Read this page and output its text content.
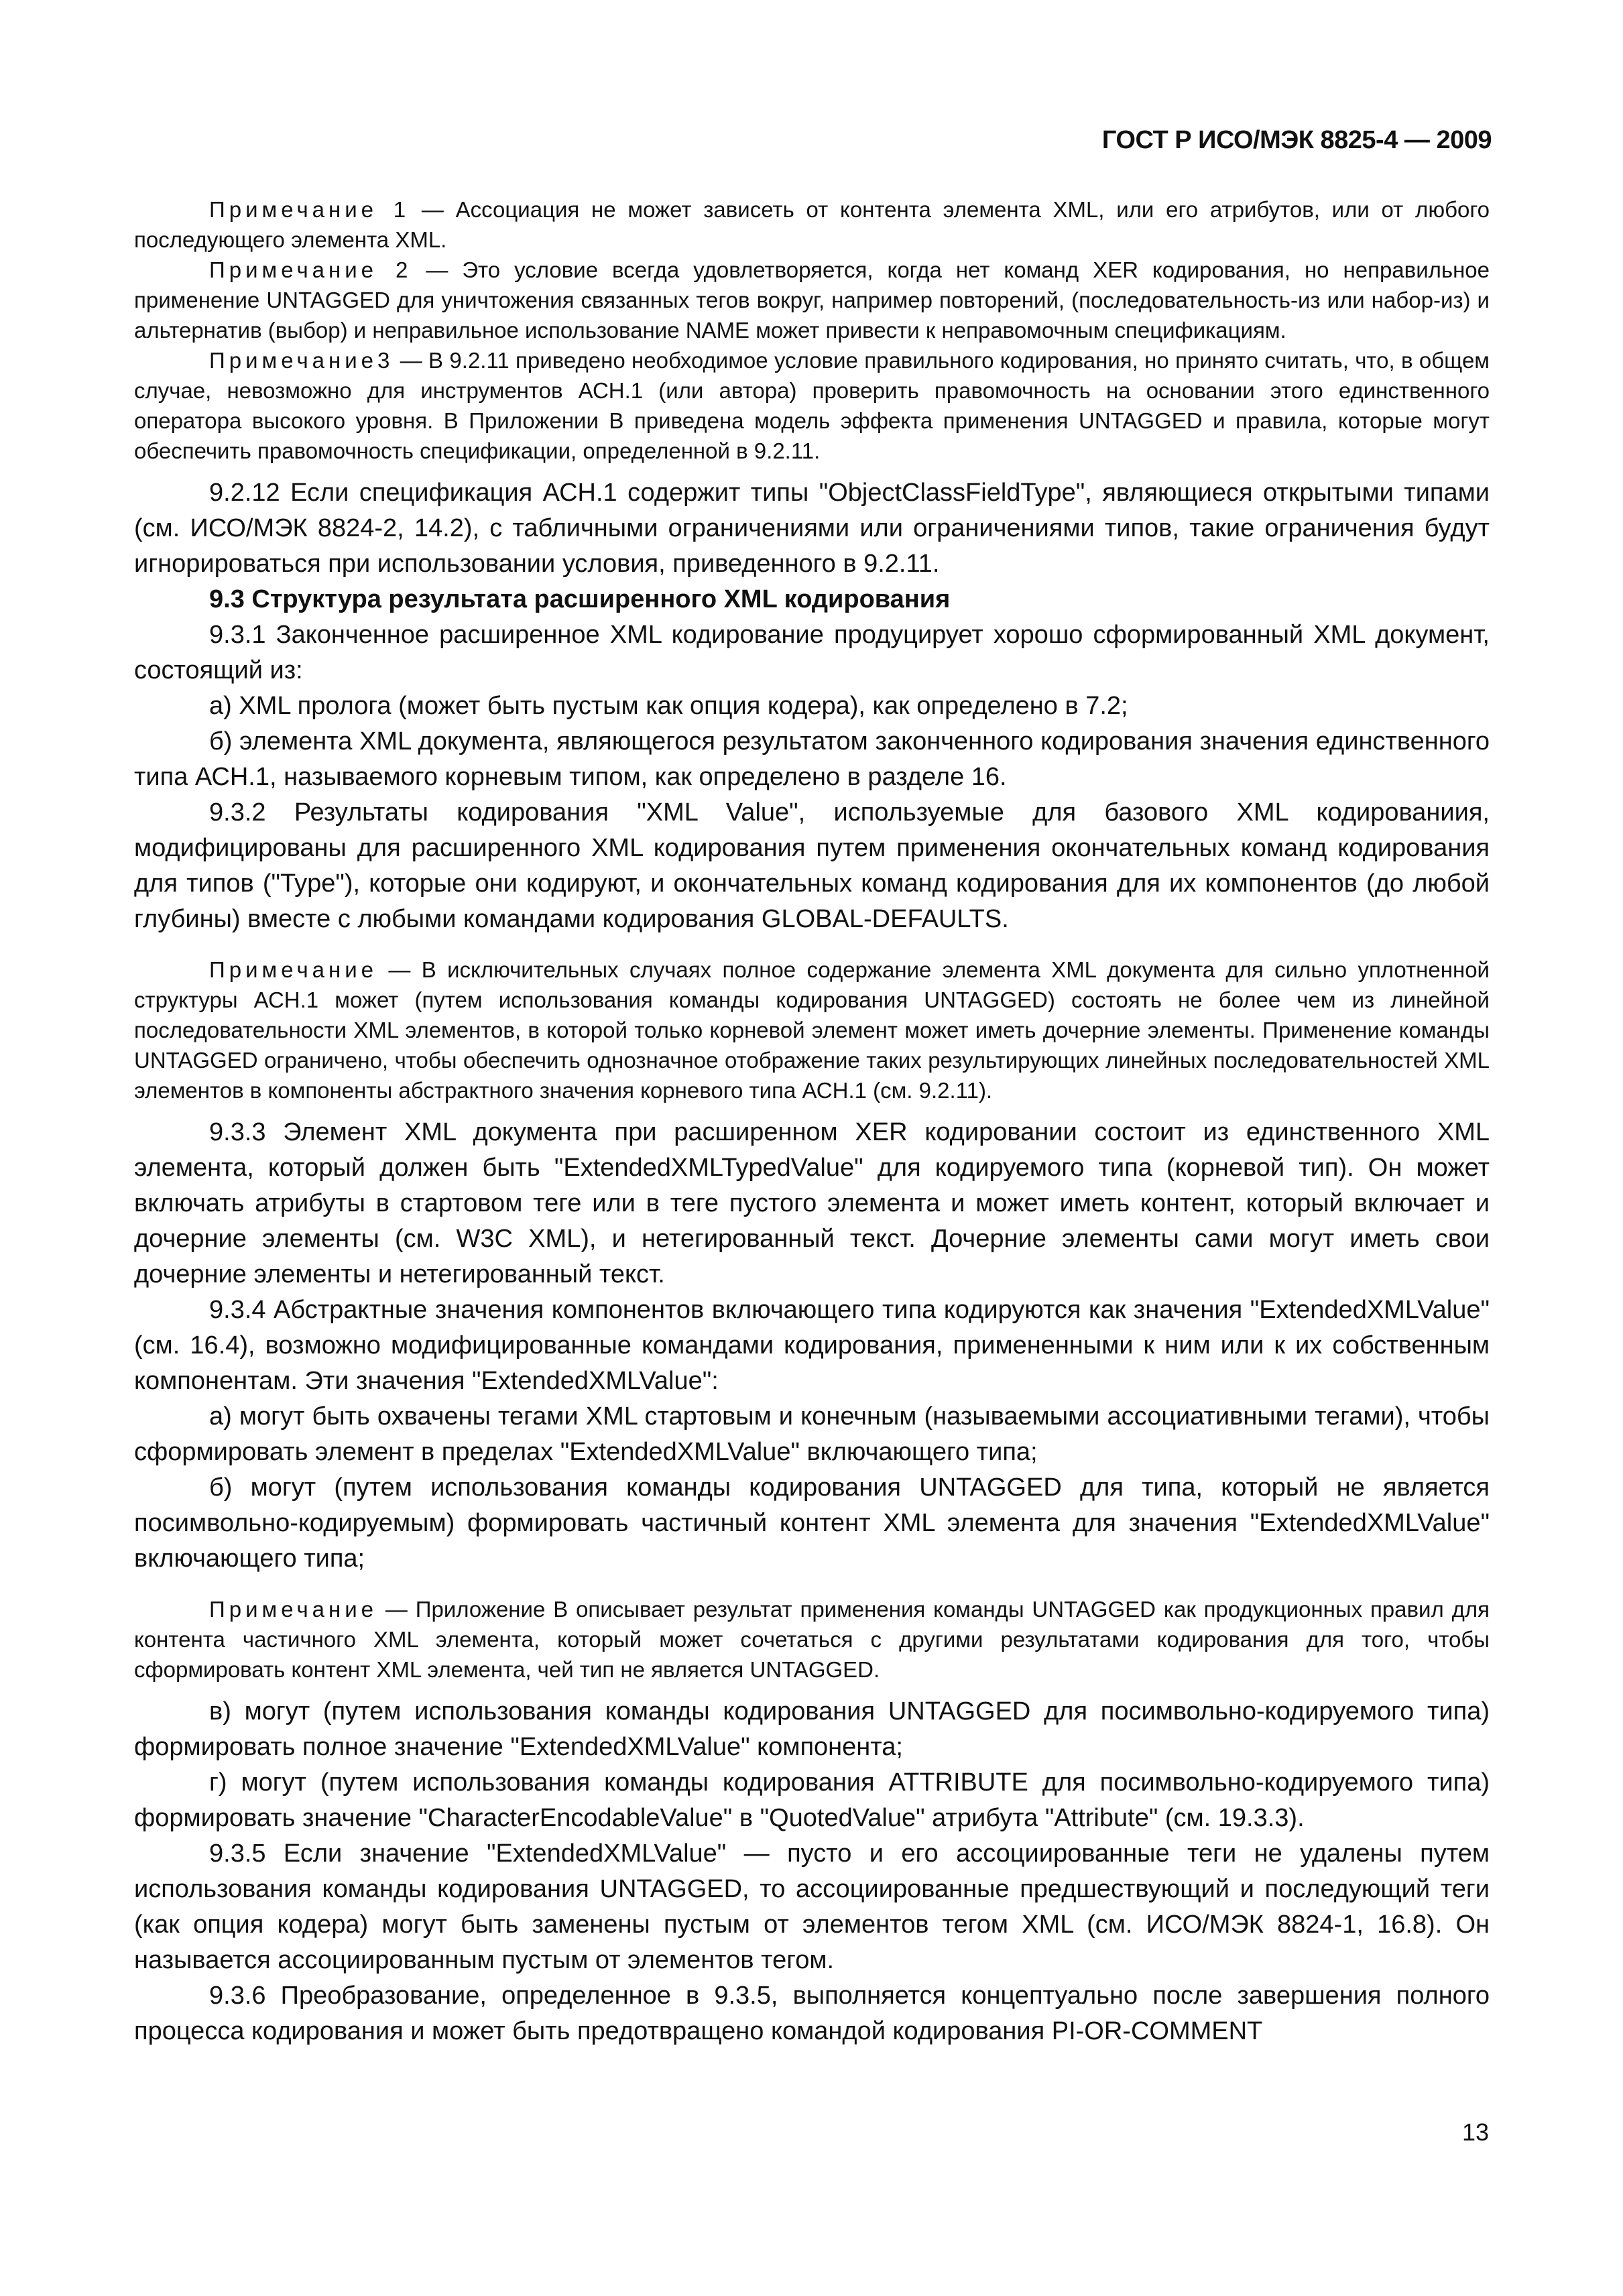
ГОСТ Р ИСО/МЭК 8825-4 — 2009

Примечание 1 — Ассоциация не может зависеть от контента элемента XML, или его атрибутов, или от любого последующего элемента XML.

Примечание 2 — Это условие всегда удовлетворяется, когда нет команд XER кодирования, но неправильное применение UNTAGGED для уничтожения связанных тегов вокруг, например повторений, (последовательность-из или набор-из) и альтернатив (выбор) и неправильное использование NAME может привести к неправомочным спецификациям.

Примечание3 — В 9.2.11 приведено необходимое условие правильного кодирования, но принято считать, что, в общем случае, невозможно для инструментов АСН.1 (или автора) проверить правомочность на основании этого единственного оператора высокого уровня. В Приложении B приведена модель эффекта применения UNTAGGED и правила, которые могут обеспечить правомочность спецификации, определенной в 9.2.11.

9.2.12 Если спецификация АСН.1 содержит типы "ObjectClassFieldType", являющиеся открытыми типами (см. ИСО/МЭК 8824-2, 14.2), с табличными ограничениями или ограничениями типов, такие ограничения будут игнорироваться при использовании условия, приведенного в 9.2.11.

9.3 Структура результата расширенного XML кодирования

9.3.1 Законченное расширенное XML кодирование продуцирует хорошо сформированный XML документ, состоящий из:

а) XML пролога (может быть пустым как опция кодера), как определено в 7.2;

б) элемента XML документа, являющегося результатом законченного кодирования значения единственного типа АСН.1, называемого корневым типом, как определено в разделе 16.

9.3.2 Результаты кодирования "XML Value", используемые для базового XML кодированиия, модифицированы для расширенного XML кодирования путем применения окончательных команд кодирования для типов ("Type"), которые они кодируют, и окончательных команд кодирования для их компонентов (до любой глубины) вместе с любыми командами кодирования GLOBAL-DEFAULTS.

Примечание — В исключительных случаях полное содержание элемента XML документа для сильно уплотненной структуры АСН.1 может (путем использования команды кодирования UNTAGGED) состоять не более чем из линейной последовательности XML элементов, в которой только корневой элемент может иметь дочерние элементы. Применение команды UNTAGGED ограничено, чтобы обеспечить однозначное отображение таких результирующих линейных последовательностей XML элементов в компоненты абстрактного значения корневого типа АСН.1 (см. 9.2.11).

9.3.3 Элемент XML документа при расширенном XER кодировании состоит из единственного XML элемента, который должен быть "ExtendedXMLTypedValue" для кодируемого типа (корневой тип). Он может включать атрибуты в стартовом теге или в теге пустого элемента и может иметь контент, который включает и дочерние элементы (см. W3C XML), и нетегированный текст. Дочерние элементы сами могут иметь свои дочерние элементы и нетегированный текст.

9.3.4 Абстрактные значения компонентов включающего типа кодируются как значения "ExtendedXMLValue" (см. 16.4), возможно модифицированные командами кодирования, примененными к ним или к их собственным компонентам. Эти значения "ExtendedXMLValue":

а) могут быть охвачены тегами XML стартовым и конечным (называемыми ассоциативными тегами), чтобы сформировать элемент в пределах "ExtendedXMLValue" включающего типа;

б) могут (путем использования команды кодирования UNTAGGED для типа, который не является посимвольно-кодируемым) формировать частичный контент XML элемента для значения "ExtendedXMLValue" включающего типа;

Примечание — Приложение B описывает результат применения команды UNTAGGED как продукционных правил для контента частичного XML элемента, который может сочетаться с другими результатами кодирования для того, чтобы сформировать контент XML элемента, чей тип не является UNTAGGED.

в) могут (путем использования команды кодирования UNTAGGED для посимвольно-кодируемого типа) формировать полное значение "ExtendedXMLValue" компонента;

г) могут (путем использования команды кодирования ATTRIBUTE для посимвольно-кодируемого типа) формировать значение "CharacterEncodableValue" в "QuotedValue" атрибута "Attribute" (см. 19.3.3).

9.3.5 Если значение "ExtendedXMLValue" — пусто и его ассоциированные теги не удалены путем использования команды кодирования UNTAGGED, то ассоциированные предшествующий и последующий теги (как опция кодера) могут быть заменены пустым от элементов тегом XML (см. ИСО/МЭК 8824-1, 16.8). Он называется ассоциированным пустым от элементов тегом.

9.3.6 Преобразование, определенное в 9.3.5, выполняется концептуально после завершения полного процесса кодирования и может быть предотвращено командой кодирования PI-OR-COMMENT

13
